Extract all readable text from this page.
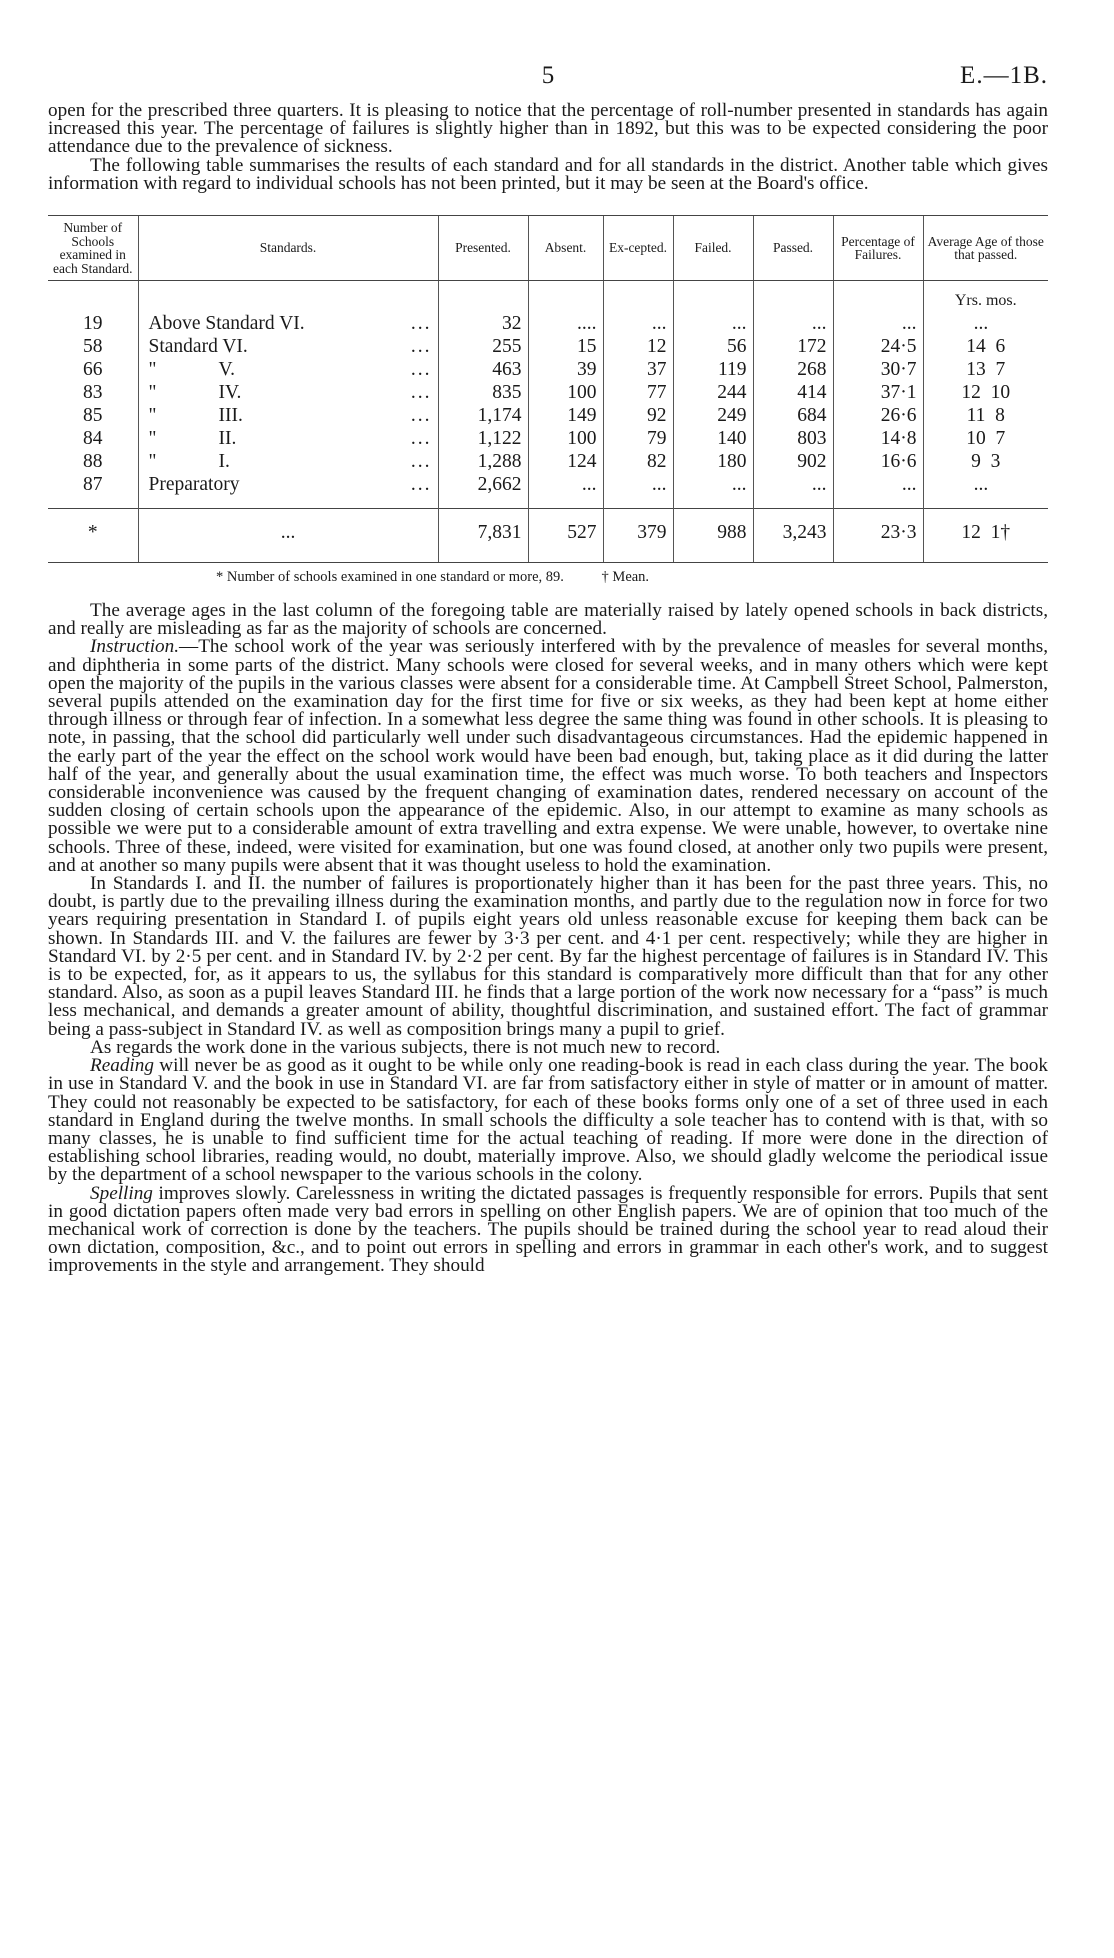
5	E.—1B.

open for the prescribed three quarters. It is pleasing to notice that the percentage of roll-number presented in standards has again increased this year. The percentage of failures is slightly higher than in 1892, but this was to be expected considering the poor attendance due to the prevalence of sickness.

The following table summarises the results of each standard and for all standards in the district. Another table which gives information with regard to individual schools has not been printed, but it may be seen at the Board's office.

Number of Schools examined in each Standard.	Standards.	Presented.	Absent.	Ex-cepted.	Failed.	Passed.	Percentage of Failures.	Average Age of those that passed.
								Yrs. mos.
19	Above Standard VI. ...	32	....	...	...	...	...	...
58	Standard VI. ...	255	15	12	56	172	24·5	14 6
66	" V. ...	463	39	37	119	268	30·7	13 7
83	" IV. ...	835	100	77	244	414	37·1	12 10
85	" III. ...	1,174	149	92	249	684	26·6	11 8
84	" II. ...	1,122	100	79	140	803	14·8	10 7
88	" I. ...	1,288	124	82	180	902	16·6	9 3
87	Preparatory ...	2,662	...	...	...	...	...	...
*	...	7,831	527	379	988	3,243	23·3	12 1†
* Number of schools examined in one standard or more, 89.	† Mean.

The average ages in the last column of the foregoing table are materially raised by lately opened schools in back districts, and really are misleading as far as the majority of schools are concerned.

Instruction.—The school work of the year was seriously interfered with by the prevalence of measles for several months, and diphtheria in some parts of the district. Many schools were closed for several weeks, and in many others which were kept open the majority of the pupils in the various classes were absent for a considerable time. At Campbell Street School, Palmerston, several pupils attended on the examination day for the first time for five or six weeks, as they had been kept at home either through illness or through fear of infection. In a somewhat less degree the same thing was found in other schools. It is pleasing to note, in passing, that the school did particularly well under such disadvantageous circumstances. Had the epidemic happened in the early part of the year the effect on the school work would have been bad enough, but, taking place as it did during the latter half of the year, and generally about the usual examination time, the effect was much worse. To both teachers and Inspectors considerable inconvenience was caused by the frequent changing of examination dates, rendered necessary on account of the sudden closing of certain schools upon the appearance of the epidemic. Also, in our attempt to examine as many schools as possible we were put to a considerable amount of extra travelling and extra expense. We were unable, however, to overtake nine schools. Three of these, indeed, were visited for examination, but one was found closed, at another only two pupils were present, and at another so many pupils were absent that it was thought useless to hold the examination.

In Standards I. and II. the number of failures is proportionately higher than it has been for the past three years. This, no doubt, is partly due to the prevailing illness during the examination months, and partly due to the regulation now in force for two years requiring presentation in Standard I. of pupils eight years old unless reasonable excuse for keeping them back can be shown. In Standards III. and V. the failures are fewer by 3·3 per cent. and 4·1 per cent. respectively; while they are higher in Standard VI. by 2·5 per cent. and in Standard IV. by 2·2 per cent. By far the highest percentage of failures is in Standard IV. This is to be expected, for, as it appears to us, the syllabus for this standard is comparatively more difficult than that for any other standard. Also, as soon as a pupil leaves Standard III. he finds that a large portion of the work now necessary for a “pass” is much less mechanical, and demands a greater amount of ability, thoughtful discrimination, and sustained effort. The fact of grammar being a pass-subject in Standard IV. as well as composition brings many a pupil to grief.

As regards the work done in the various subjects, there is not much new to record.

Reading will never be as good as it ought to be while only one reading-book is read in each class during the year. The book in use in Standard V. and the book in use in Standard VI. are far from satisfactory either in style of matter or in amount of matter. They could not reasonably be expected to be satisfactory, for each of these books forms only one of a set of three used in each standard in England during the twelve months. In small schools the difficulty a sole teacher has to contend with is that, with so many classes, he is unable to find sufficient time for the actual teaching of reading. If more were done in the direction of establishing school libraries, reading would, no doubt, materially improve. Also, we should gladly welcome the periodical issue by the department of a school newspaper to the various schools in the colony.

Spelling improves slowly. Carelessness in writing the dictated passages is frequently responsible for errors. Pupils that sent in good dictation papers often made very bad errors in spelling on other English papers. We are of opinion that too much of the mechanical work of correction is done by the teachers. The pupils should be trained during the school year to read aloud their own dictation, composition, &c., and to point out errors in spelling and errors in grammar in each other's work, and to suggest improvements in the style and arrangement. They should
